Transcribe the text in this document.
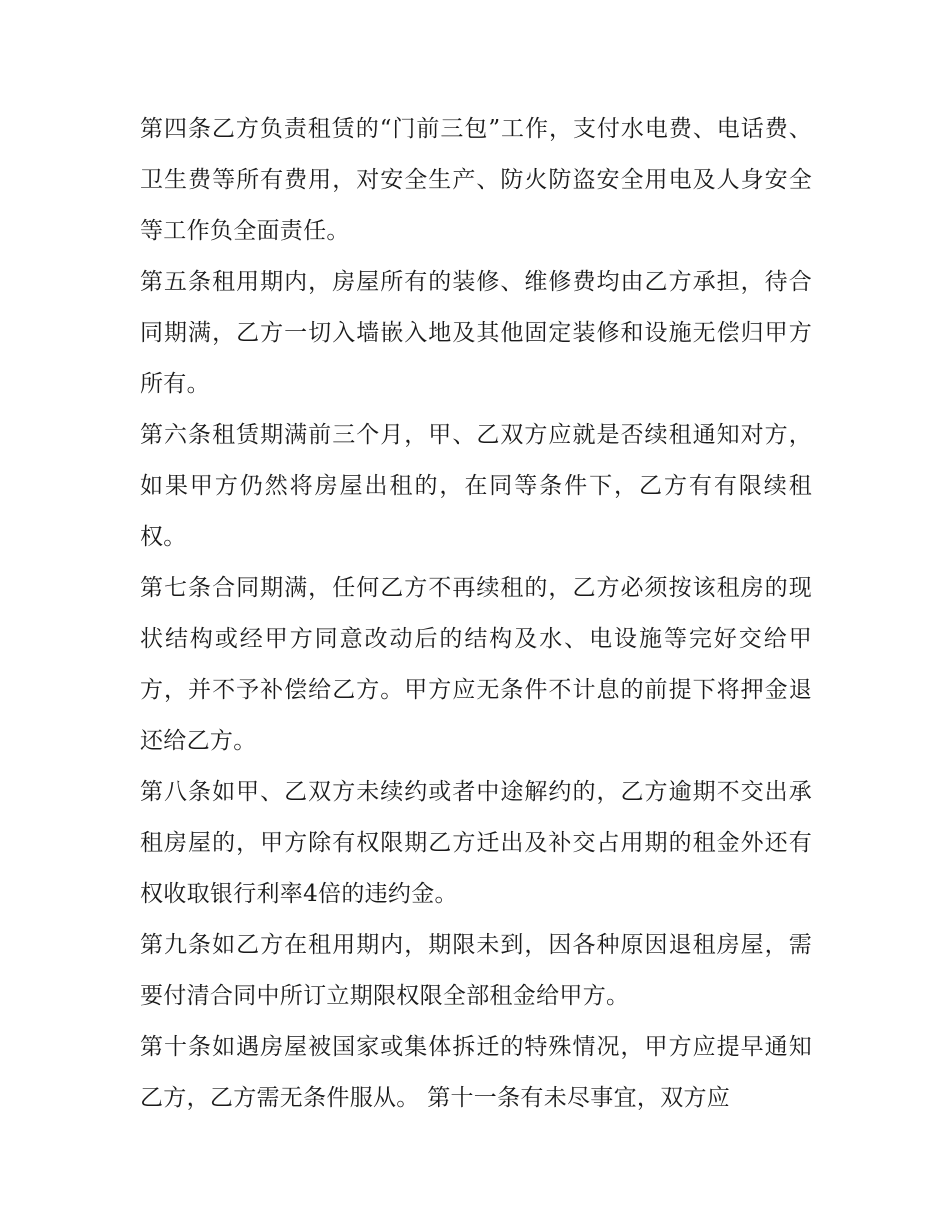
第四条乙方负责租赁的“门前三包”工作，支付水电费、电话费、卫生费等所有费用，对安全生产、防火防盗安全用电及人身安全等工作负全面责任。

第五条租用期内，房屋所有的装修、维修费均由乙方承担，待合同期满，乙方一切入墙嵌入地及其他固定装修和设施无偿归甲方所有。

第六条租赁期满前三个月，甲、乙双方应就是否续租通知对方，如果甲方仍然将房屋出租的，在同等条件下，乙方有有限续租权。

第七条合同期满，任何乙方不再续租的，乙方必须按该租房的现状结构或经甲方同意改动后的结构及水、电设施等完好交给甲方，并不予补偿给乙方。甲方应无条件不计息的前提下将押金退还给乙方。

第八条如甲、乙双方未续约或者中途解约的，乙方逾期不交出承租房屋的，甲方除有权限期乙方迁出及补交占用期的租金外还有权收取银行利率4倍的违约金。

第九条如乙方在租用期内，期限未到，因各种原因退租房屋，需要付清合同中所订立期限权限全部租金给甲方。

第十条如遇房屋被国家或集体拆迁的特殊情况，甲方应提早通知乙方，乙方需无条件服从。 第十一条有未尽事宜，双方应
